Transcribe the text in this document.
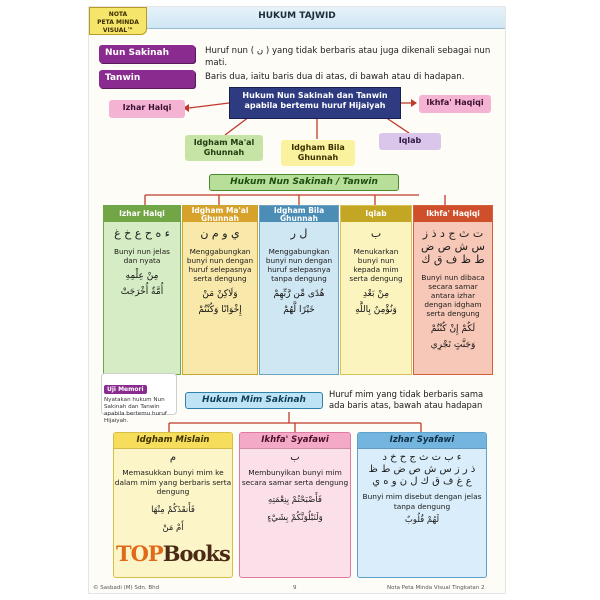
NOTA
PETA MINDA
VISUAL™
HUKUM TAJWID
Nun Sakinah	Huruf nun ( ن ) yang tidak berbaris atau juga dikenali sebagai nun
mati.
Tanwin	Baris dua, iaitu baris dua di atas, di bawah atau di hadapan.
Hukum Nun Sakinah dan Tanwin
apabila bertemu huruf Hijaiyah
Izhar Halqi
Ikhfa' Haqiqi
Idgham Ma'al
Ghunnah
Idgham Bila
Ghunnah
Iqlab
Hukum Nun Sakinah / Tanwin
Izhar Halqi
ء ه ح ع خ غ
Bunyi nun jelas dan nyata
مِنْ عِلْمِهِ
أُمَّةٌ أُخْرَجَتْ
Idgham Ma'al
Ghunnah
ي و م ن
Menggabungkan bunyi nun dengan huruf selepasnya serta dengung
وَلَاكِنْ مَنْ
إِخْوَانًا وَكُنْتُمْ
Idgham Bila
Ghunnah
ل ر
Menggabungkan bunyi nun dengan huruf selepasnya tanpa dengung
هُدًى مِّن رَّبِّهِمْ
خَيْرًا لَّهُمْ
Iqlab
ب
Menukarkan bunyi nun kepada mim serta dengung
مِنْ بَعْدِ
وَنُؤْمِنٌ بِاللَّهِ
Ikhfa' Haqiqi
ت ث ج د ذ ز س ش ص ض ط ظ ف ق ك
Bunyi nun dibaca secara samar antara izhar dengan idgham serta dengung
لَكُمْ إِنْ كُنْتُمْ
وَجَنَّتٍ تَجْرِي
Uji Memori
Nyatakan hukum Nun Sakinah dan Tanwin apabila bertemu huruf Hijaiyah.
Hukum Mim Sakinah
Huruf mim yang tidak berbaris sama
ada baris atas, bawah atau hadapan
Idgham Mislain
م
Memasukkan bunyi mim ke dalam mim yang berbaris serta dengung
فَأَنقَذَكُمْ مِنْهَا
أَمْ مَنْ
Ikhfa' Syafawi
ب
Membunyikan bunyi mim secara samar serta dengung
فَأَصْبَحْتُمْ بِنِعْمَتِهِ
وَلَنَبْلُوَنَّكُمْ بِشَيْءٍ
Izhar Syafawi
ء ب ت ث ج ح خ د
ذ ر ز س ش ص ض ط ظ
ع غ ف ق ك ل ن و ه ي
Bunyi mim disebut dengan jelas tanpa dengung
لَهُمْ قُلُوبٌ
© Sasbadi (M) Sdn. Bhd	9	Nota Peta Minda Visual Tingkatan 2
TOPBooks
